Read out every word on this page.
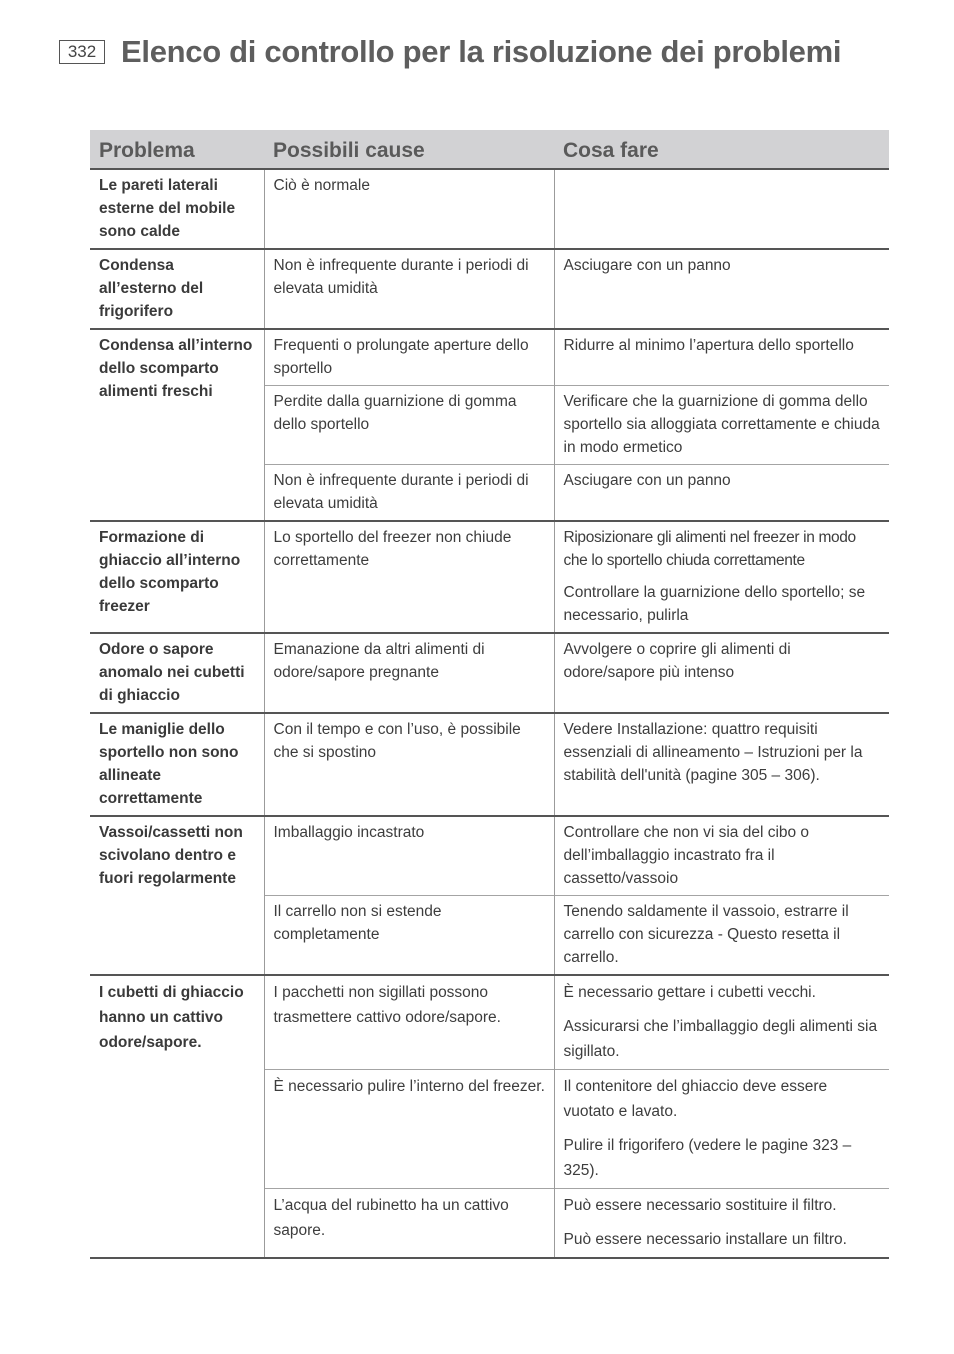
332 Elenco di controllo per la risoluzione dei problemi
Problema	Possibili cause	Cosa fare
Le pareti laterali esterne del mobile sono calde	Ciò è normale	

Condensa all’esterno del frigorifero	Non è infrequente durante i periodi di elevata umidità	Asciugare con un panno

Condensa all’interno dello scomparto alimenti freschi	Frequenti o prolungate aperture dello sportello	Ridurre al minimo l’apertura dello sportello

	Perdite dalla guarnizione di gomma dello sportello	Verificare che la guarnizione di gomma dello sportello sia alloggiata correttamente e chiuda in modo ermetico

	Non è infrequente durante i periodi di elevata umidità	Asciugare con un panno

Formazione di ghiaccio all’interno dello scomparto freezer	Lo sportello del freezer non chiude correttamente	Riposizionare gli alimenti nel freezer in modo che lo sportello chiuda correttamente

Controllare la guarnizione dello sportello; se necessario, pulirla

Odore o sapore anomalo nei cubetti di ghiaccio	Emanazione da altri alimenti di odore/sapore pregnante	Avvolgere o coprire gli alimenti di odore/sapore più intenso

Le maniglie dello sportello non sono allineate correttamente	Con il tempo e con l’uso, è possibile che si spostino	Vedere Installazione: quattro requisiti essenziali di allineamento – Istruzioni per la stabilità dell'unità (pagine 305 – 306).

Vassoi/cassetti non scivolano dentro e fuori regolarmente	Imballaggio incastrato	Controllare che non vi sia del cibo o dell’imballaggio incastrato fra il cassetto/vassoio

	Il carrello non si estende completamente	Tenendo saldamente il vassoio, estrarre il carrello con sicurezza - Questo resetta il carrello.

I cubetti di ghiaccio hanno un cattivo odore/sapore.	I pacchetti non sigillati possono trasmettere cattivo odore/sapore.	È necessario gettare i cubetti vecchi.

Assicurarsi che l’imballaggio degli alimenti sia sigillato.

	È necessario pulire l’interno del freezer.	Il contenitore del ghiaccio deve essere vuotato e lavato.

Pulire il frigorifero (vedere le pagine 323 – 325).

	L’acqua del rubinetto ha un cattivo sapore.	Può essere necessario sostituire il filtro.

Può essere necessario installare un filtro.
